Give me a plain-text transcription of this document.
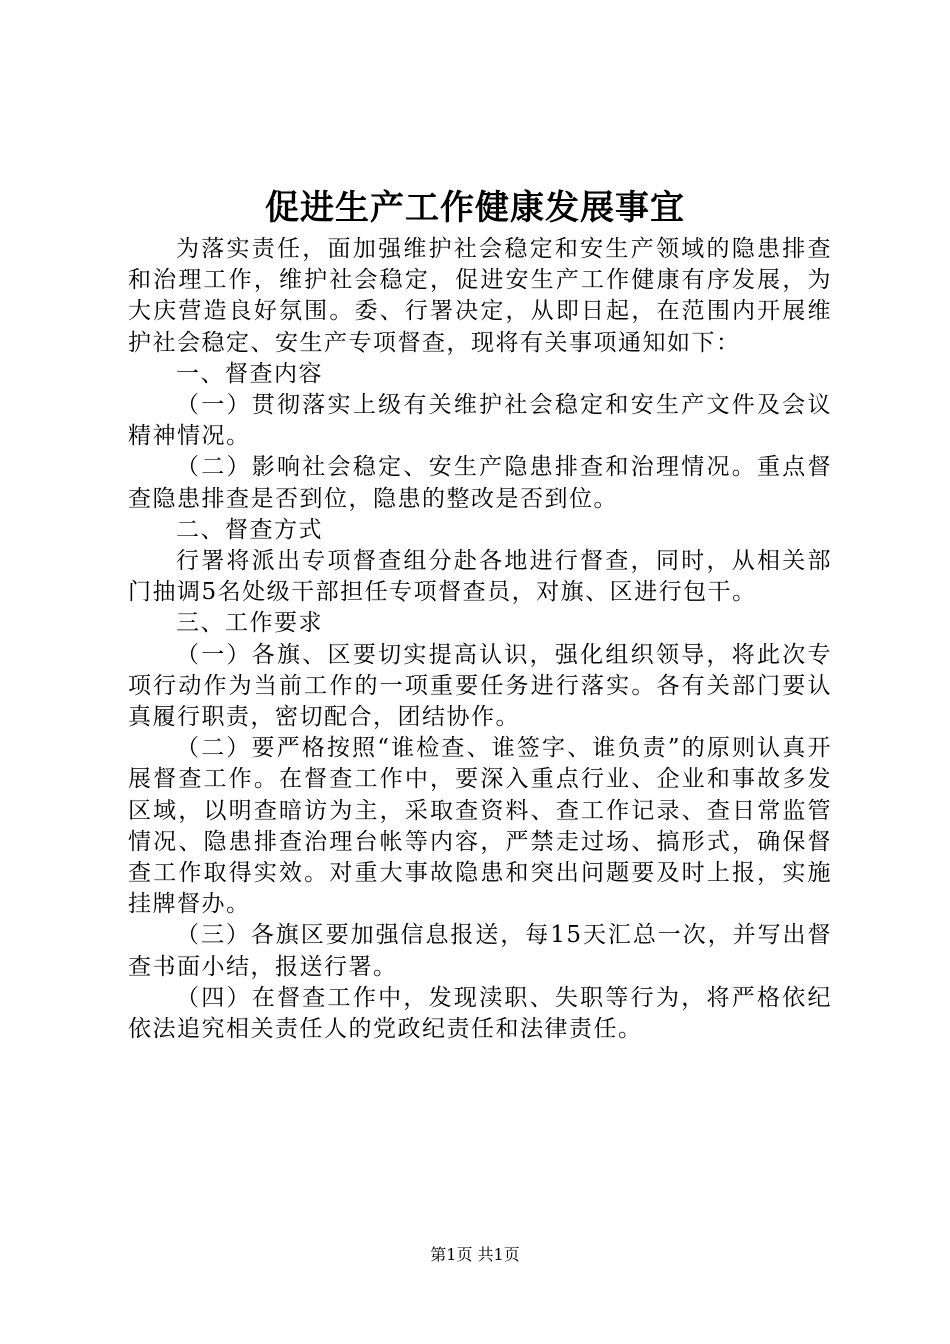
促进生产工作健康发展事宜

为落实责任，面加强维护社会稳定和安生产领域的隐患排查和治理工作，维护社会稳定，促进安生产工作健康有序发展，为大庆营造良好氛围。委、行署决定，从即日起，在范围内开展维护社会稳定、安生产专项督查，现将有关事项通知如下：

一、督查内容

（一）贯彻落实上级有关维护社会稳定和安生产文件及会议精神情况。

（二）影响社会稳定、安生产隐患排查和治理情况。重点督查隐患排查是否到位，隐患的整改是否到位。

二、督查方式

行署将派出专项督查组分赴各地进行督查，同时，从相关部门抽调5名处级干部担任专项督查员，对旗、区进行包干。

三、工作要求

（一）各旗、区要切实提高认识，强化组织领导，将此次专项行动作为当前工作的一项重要任务进行落实。各有关部门要认真履行职责，密切配合，团结协作。

（二）要严格按照“谁检查、谁签字、谁负责”的原则认真开展督查工作。在督查工作中，要深入重点行业、企业和事故多发区域，以明查暗访为主，采取查资料、查工作记录、查日常监管情况、隐患排查治理台帐等内容，严禁走过场、搞形式，确保督查工作取得实效。对重大事故隐患和突出问题要及时上报，实施挂牌督办。

（三）各旗区要加强信息报送，每15天汇总一次，并写出督查书面小结，报送行署。

（四）在督查工作中，发现渎职、失职等行为，将严格依纪依法追究相关责任人的党政纪责任和法律责任。

第1页 共1页
